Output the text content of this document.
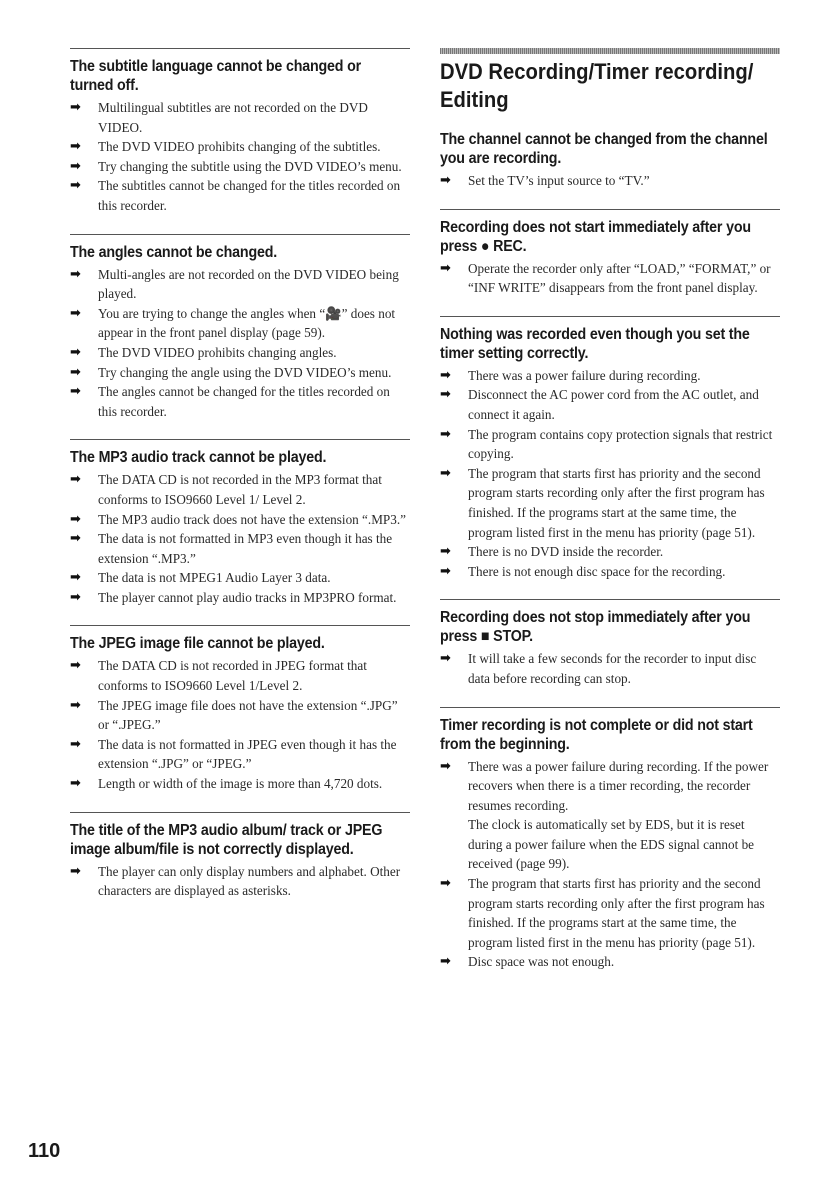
The subtitle language cannot be changed or turned off.
➡	Multilingual subtitles are not recorded on the DVD VIDEO.
➡	The DVD VIDEO prohibits changing of the subtitles.
➡	Try changing the subtitle using the DVD VIDEO’s menu.
➡	The subtitles cannot be changed for the titles recorded on this recorder.
The angles cannot be changed.
➡	Multi-angles are not recorded on the DVD VIDEO being played.
➡	You are trying to change the angles when “🎥” does not appear in the front panel display (page 59).
➡	The DVD VIDEO prohibits changing angles.
➡	Try changing the angle using the DVD VIDEO’s menu.
➡	The angles cannot be changed for the titles recorded on this recorder.
The MP3 audio track cannot be played.
➡	The DATA CD is not recorded in the MP3 format that conforms to ISO9660 Level 1/ Level 2.
➡	The MP3 audio track does not have the extension “.MP3.”
➡	The data is not formatted in MP3 even though it has the extension “.MP3.”
➡	The data is not MPEG1 Audio Layer 3 data.
➡	The player cannot play audio tracks in MP3PRO format.
The JPEG image file cannot be played.
➡	The DATA CD is not recorded in JPEG format that conforms to ISO9660 Level 1/Level 2.
➡	The JPEG image file does not have the extension “.JPG” or “.JPEG.”
➡	The data is not formatted in JPEG even though it has the extension “.JPG” or “JPEG.”
➡	Length or width of the image is more than 4,720 dots.
The title of the MP3 audio album/ track or JPEG image album/file is not correctly displayed.
➡	The player can only display numbers and alphabet. Other characters are displayed as asterisks.
DVD Recording/Timer recording/ Editing
The channel cannot be changed from the channel you are recording.
➡	Set the TV’s input source to “TV.”
Recording does not start immediately after you press ● REC.
➡	Operate the recorder only after “LOAD,” “FORMAT,” or “INF WRITE” disappears from the front panel display.
Nothing was recorded even though you set the timer setting correctly.
➡	There was a power failure during recording.
➡	Disconnect the AC power cord from the AC outlet, and connect it again.
➡	The program contains copy protection signals that restrict copying.
➡	The program that starts first has priority and the second program starts recording only after the first program has finished. If the programs start at the same time, the program listed first in the menu has priority (page 51).
➡	There is no DVD inside the recorder.
➡	There is not enough disc space for the recording.
Recording does not stop immediately after you press ■ STOP.
➡	It will take a few seconds for the recorder to input disc data before recording can stop.
Timer recording is not complete or did not start from the beginning.
➡	There was a power failure during recording. If the power recovers when there is a timer recording, the recorder resumes recording.
The clock is automatically set by EDS, but it is reset during a power failure when the EDS signal cannot be received (page 99).
➡	The program that starts first has priority and the second program starts recording only after the first program has finished. If the programs start at the same time, the program listed first in the menu has priority (page 51).
➡	Disc space was not enough.
110
